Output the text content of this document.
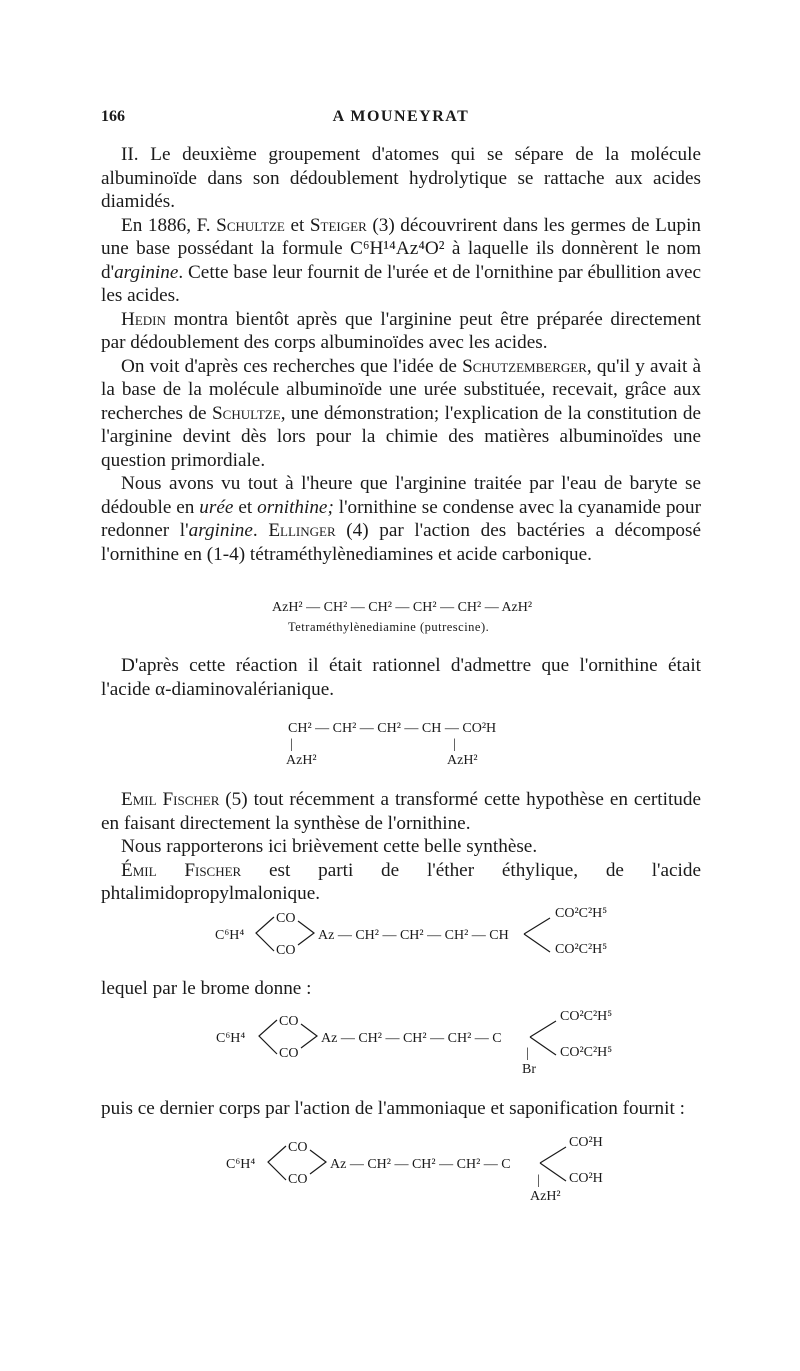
166	A MOUNEYRAT

II. Le deuxième groupement d'atomes qui se sépare de la molécule albuminoïde dans son dédoublement hydrolytique se rattache aux acides diamidés.

En 1886, F. Schultze et Steiger (3) découvrirent dans les germes de Lupin une base possédant la formule C⁶H¹⁴Az⁴O² à laquelle ils donnèrent le nom d'arginine. Cette base leur fournit de l'urée et de l'ornithine par ébullition avec les acides.

Hedin montra bientôt après que l'arginine peut être préparée directement par dédoublement des corps albuminoïdes avec les acides.

On voit d'après ces recherches que l'idée de Schutzemberger, qu'il y avait à la base de la molécule albuminoïde une urée substituée, recevait, grâce aux recherches de Schultze, une démonstration; l'explication de la constitution de l'arginine devint dès lors pour la chimie des matières albuminoïdes une question primordiale.

Nous avons vu tout à l'heure que l'arginine traitée par l'eau de baryte se dédouble en urée et ornithine; l'ornithine se condense avec la cyanamide pour redonner l'arginine. Ellinger (4) par l'action des bactéries a décomposé l'ornithine en (1-4) tétraméthylènediamines et acide carbonique.

AzH² — CH² — CH² — CH² — CH² — AzH²
Tetraméthylènediamine (putrescine).

D'après cette réaction il était rationnel d'admettre que l'ornithine était l'acide α-diaminovalérianique.

CH² — CH² — CH² — CH — CO²H
|	|
AzH²	AzH²

Emil Fischer (5) tout récemment a transformé cette hypothèse en certitude en faisant directement la synthèse de l'ornithine.

Nous rapporterons ici brièvement cette belle synthèse.

Émil Fischer est parti de l'éther éthylique, de l'acide phtalimidopropylmalonique.

C⁶H⁴
CO
CO
Az — CH² — CH² — CH² — CH
CO²C²H⁵
CO²C²H⁵

lequel par le brome donne :

C⁶H⁴
CO
CO
Az — CH² — CH² — CH² — C
CO²C²H⁵
CO²C²H⁵
|
Br

puis ce dernier corps par l'action de l'ammoniaque et saponification fournit :

C⁶H⁴
CO
CO
Az — CH² — CH² — CH² — C
CO²H
CO²H
|
AzH²
